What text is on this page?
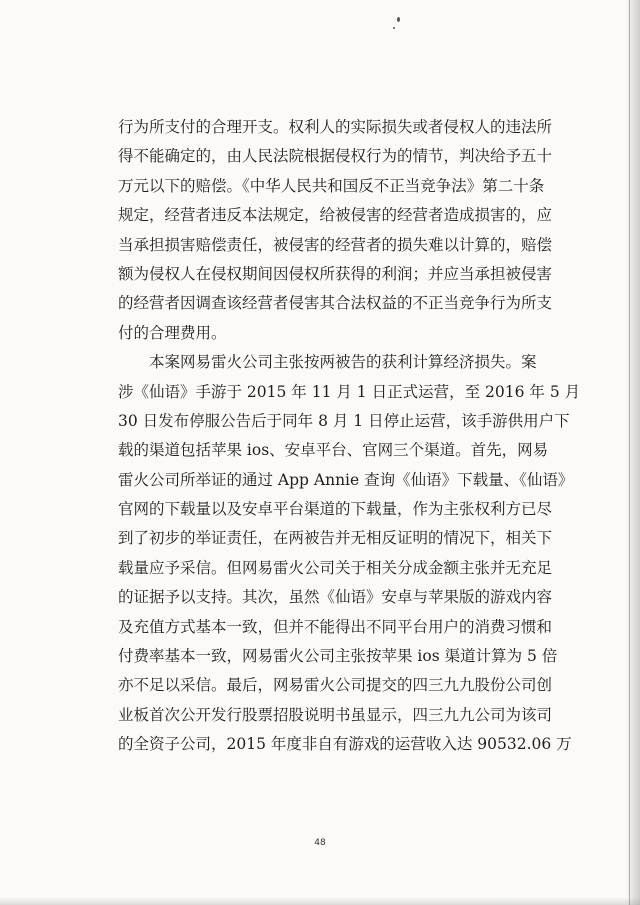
行为所支付的合理开支。权利人的实际损失或者侵权人的违法所
得不能确定的，由人民法院根据侵权行为的情节，判决给予五十
万元以下的赔偿。《中华人民共和国反不正当竞争法》第二十条
规定，经营者违反本法规定，给被侵害的经营者造成损害的，应
当承担损害赔偿责任，被侵害的经营者的损失难以计算的，赔偿
额为侵权人在侵权期间因侵权所获得的利润；并应当承担被侵害
的经营者因调查该经营者侵害其合法权益的不正当竞争行为所支
付的合理费用。
本案网易雷火公司主张按两被告的获利计算经济损失。案
涉《仙语》手游于 2015 年 11 月 1 日正式运营，至 2016 年 5 月
30 日发布停服公告后于同年 8 月 1 日停止运营，该手游供用户下
载的渠道包括苹果 ios、安卓平台、官网三个渠道。首先，网易
雷火公司所举证的通过 App Annie 查询《仙语》下载量、《仙语》
官网的下载量以及安卓平台渠道的下载量，作为主张权利方已尽
到了初步的举证责任，在两被告并无相反证明的情况下，相关下
载量应予采信。但网易雷火公司关于相关分成金额主张并无充足
的证据予以支持。其次，虽然《仙语》安卓与苹果版的游戏内容
及充值方式基本一致，但并不能得出不同平台用户的消费习惯和
付费率基本一致，网易雷火公司主张按苹果 ios 渠道计算为 5 倍
亦不足以采信。最后，网易雷火公司提交的四三九九股份公司创
业板首次公开发行股票招股说明书虽显示，四三九九公司为该司
的全资子公司，2015 年度非自有游戏的运营收入达 90532.06 万
48
